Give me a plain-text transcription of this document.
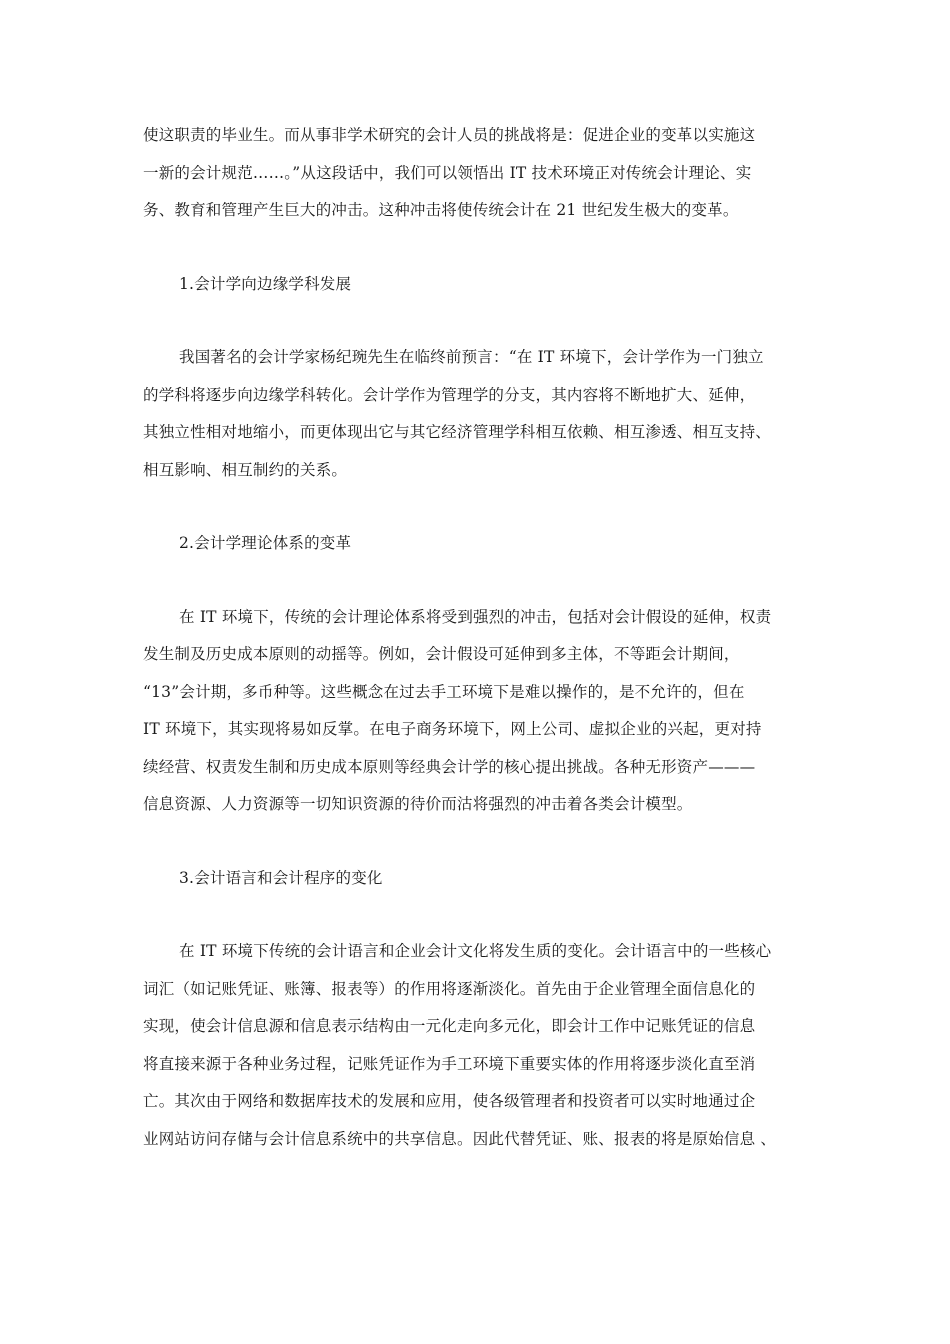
使这职责的毕业生。而从事非学术研究的会计人员的挑战将是：促进企业的变革以实施这
一新的会计规范……。”从这段话中，我们可以领悟出 IT 技术环境正对传统会计理论、实
务、教育和管理产生巨大的冲击。这种冲击将使传统会计在 21 世纪发生极大的变革。
1.会计学向边缘学科发展
我国著名的会计学家杨纪琬先生在临终前预言：“在 IT 环境下，会计学作为一门独立
的学科将逐步向边缘学科转化。会计学作为管理学的分支，其内容将不断地扩大、延伸，
其独立性相对地缩小，而更体现出它与其它经济管理学科相互依赖、相互渗透、相互支持、
相互影响、相互制约的关系。
2.会计学理论体系的变革
在 IT 环境下，传统的会计理论体系将受到强烈的冲击，包括对会计假设的延伸，权责
发生制及历史成本原则的动摇等。例如，会计假设可延伸到多主体，不等距会计期间，
“13”会计期，多币种等。这些概念在过去手工环境下是难以操作的，是不允许的，但在
IT 环境下，其实现将易如反掌。在电子商务环境下，网上公司、虚拟企业的兴起，更对持
续经营、权责发生制和历史成本原则等经典会计学的核心提出挑战。各种无形资产———
信息资源、人力资源等一切知识资源的待价而沽将强烈的冲击着各类会计模型。
3.会计语言和会计程序的变化
在 IT 环境下传统的会计语言和企业会计文化将发生质的变化。会计语言中的一些核心
词汇（如记账凭证、账簿、报表等）的作用将逐渐淡化。首先由于企业管理全面信息化的
实现，使会计信息源和信息表示结构由一元化走向多元化，即会计工作中记账凭证的信息
将直接来源于各种业务过程，记账凭证作为手工环境下重要实体的作用将逐步淡化直至消
亡。其次由于网络和数据库技术的发展和应用，使各级管理者和投资者可以实时地通过企
业网站访问存储与会计信息系统中的共享信息。因此代替凭证、账、报表的将是原始信息 、
